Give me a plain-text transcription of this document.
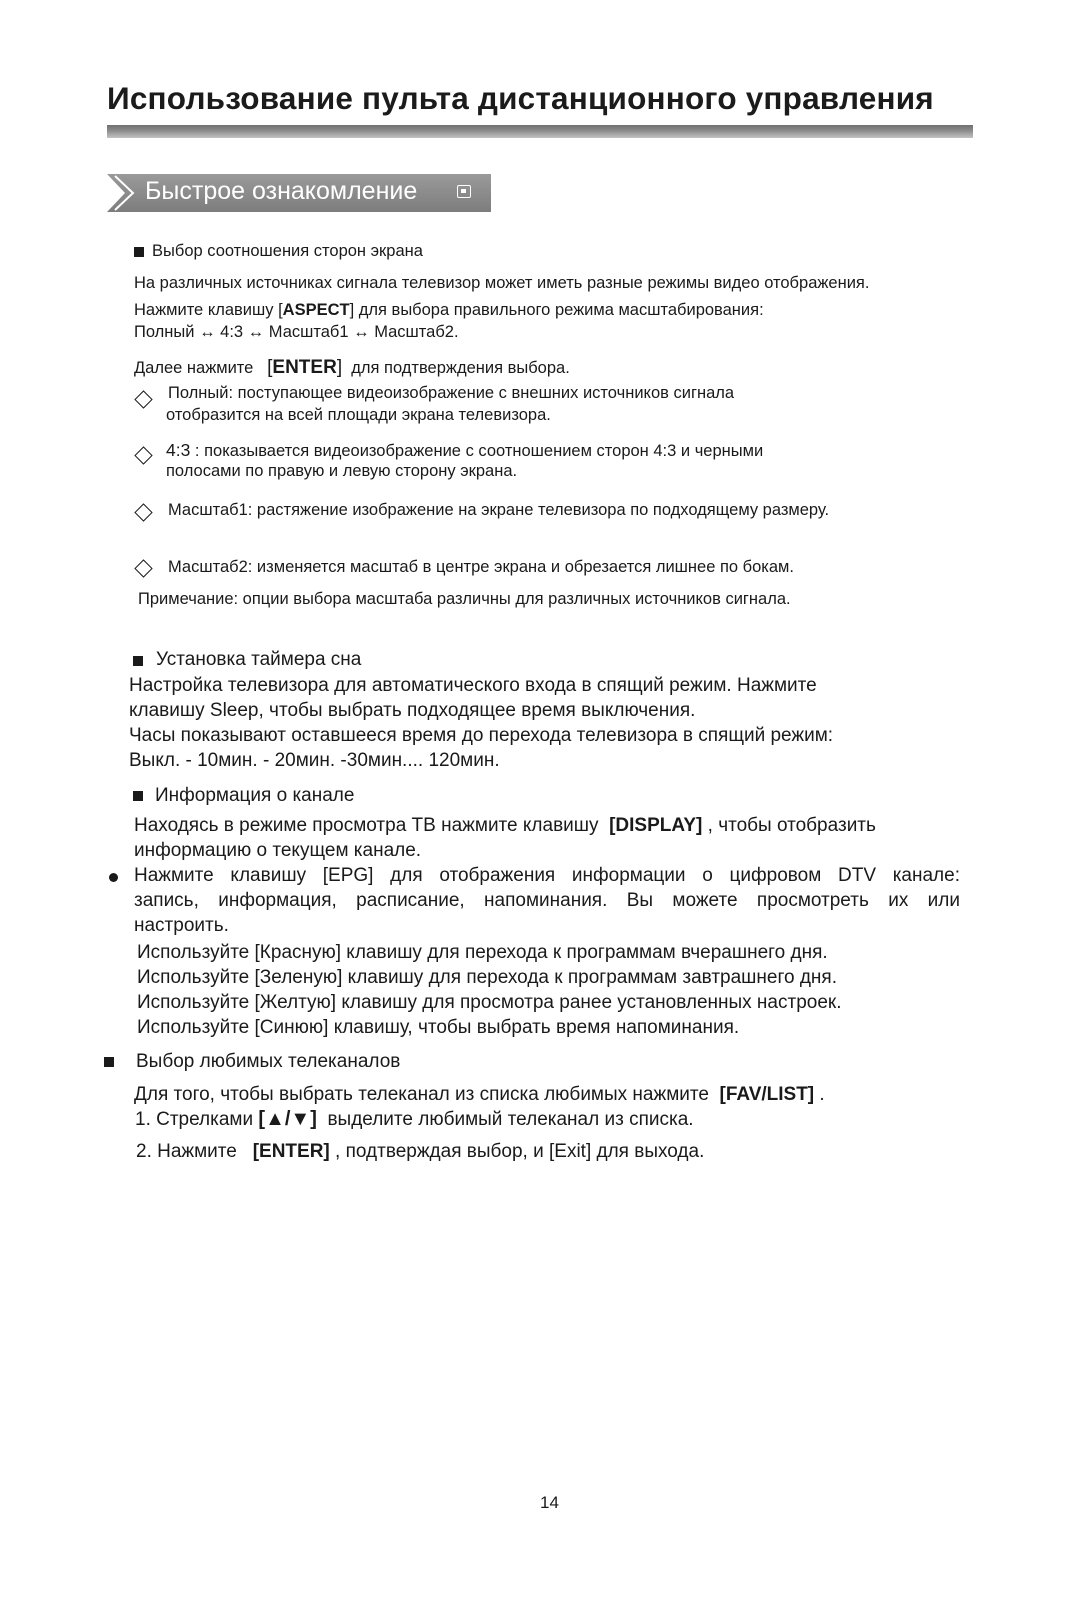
Использование пульта дистанционного управления
Быстрое ознакомление
Выбор соотношения сторон экрана
На различных источниках сигнала телевизор может иметь разные режимы видео отображения.
Нажмите клавишу [ASPECT] для выбора правильного режима масштабирования:
Полный ↔ 4:3 ↔ Масштаб1 ↔ Масштаб2.
Далее нажмите [ENTER] для подтверждения выбора.
Полный: поступающее видеоизображение с внешних источников сигнала
отобразится на всей площади экрана телевизора.
4:3 : показывается видеоизображение с соотношением сторон 4:3 и черными
полосами по правую и левую сторону экрана.
Масштаб1: растяжение изображение на экране телевизора по подходящему размеру.
Масштаб2: изменяется масштаб в центре экрана и обрезается лишнее по бокам.
Примечание: опции выбора масштаба различны для различных источников сигнала.
Установка таймера сна
Настройка телевизора для автоматического входа в спящий режим. Нажмите
клавишу Sleep, чтобы выбрать подходящее время выключения.
Часы показывают оставшееся время до перехода телевизора в спящий режим:
Выкл. - 10мин. - 20мин. -30мин.... 120мин.
Информация о канале
Находясь в режиме просмотра ТВ нажмите клавишу [DISPLAY] , чтобы отобразить
информацию о текущем канале.
Нажмите клавишу [EPG] для отображения информации о цифровом DTV канале:
запись, информация, расписание, напоминания. Вы можете просмотреть их или
настроить.
Используйте [Красную] клавишу для перехода к программам вчерашнего дня.
Используйте [Зеленую] клавишу для перехода к программам завтрашнего дня.
Используйте [Желтую] клавишу для просмотра ранее установленных настроек.
Используйте [Синюю] клавишу, чтобы выбрать время напоминания.
Выбор любимых телеканалов
Для того, чтобы выбрать телеканал из списка любимых нажмите [FAV/LIST] .
1. Стрелками [▲/▼] выделите любимый телеканал из списка.
2. Нажмите [ENTER] , подтверждая выбор, и [Exit] для выхода.
14
